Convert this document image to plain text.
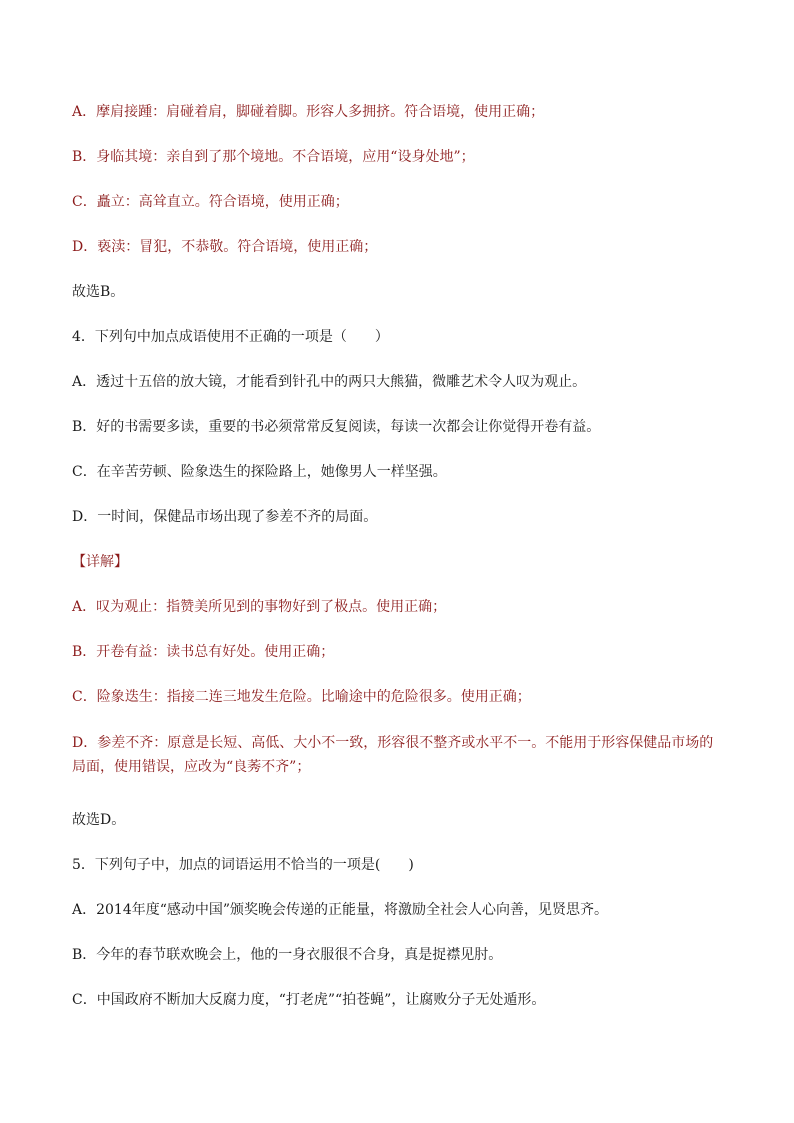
A．摩肩接踵：肩碰着肩，脚碰着脚。形容人多拥挤。符合语境，使用正确；
B．身临其境：亲自到了那个境地。不合语境，应用“设身处地”；
C．矗立：高耸直立。符合语境，使用正确；
D．亵渎：冒犯，不恭敬。符合语境，使用正确；
故选B。
4．下列句中加点成语使用不正确的一项是（　　）
A．透过十五倍的放大镜，才能看到针孔中的两只大熊猫，微雕艺术令人叹为观止。
B．好的书需要多读，重要的书必须常常反复阅读，每读一次都会让你觉得开卷有益。
C．在辛苦劳顿、险象迭生的探险路上，她像男人一样坚强。
D．一时间，保健品市场出现了参差不齐的局面。
【详解】
A．叹为观止：指赞美所见到的事物好到了极点。使用正确；
B．开卷有益：读书总有好处。使用正确；
C．险象迭生：指接二连三地发生危险。比喻途中的危险很多。使用正确；
D．参差不齐：原意是长短、高低、大小不一致，形容很不整齐或水平不一。不能用于形容保健品市场的局面，使用错误，应改为“良莠不齐”；
故选D。
5．下列句子中，加点的词语运用不恰当的一项是(　　)
A．2014年度“感动中国”颁奖晚会传递的正能量，将激励全社会人心向善，见贤思齐。
B．今年的春节联欢晚会上，他的一身衣服很不合身，真是捉襟见肘。
C．中国政府不断加大反腐力度，“打老虎”“拍苍蝇”，让腐败分子无处遁形。
